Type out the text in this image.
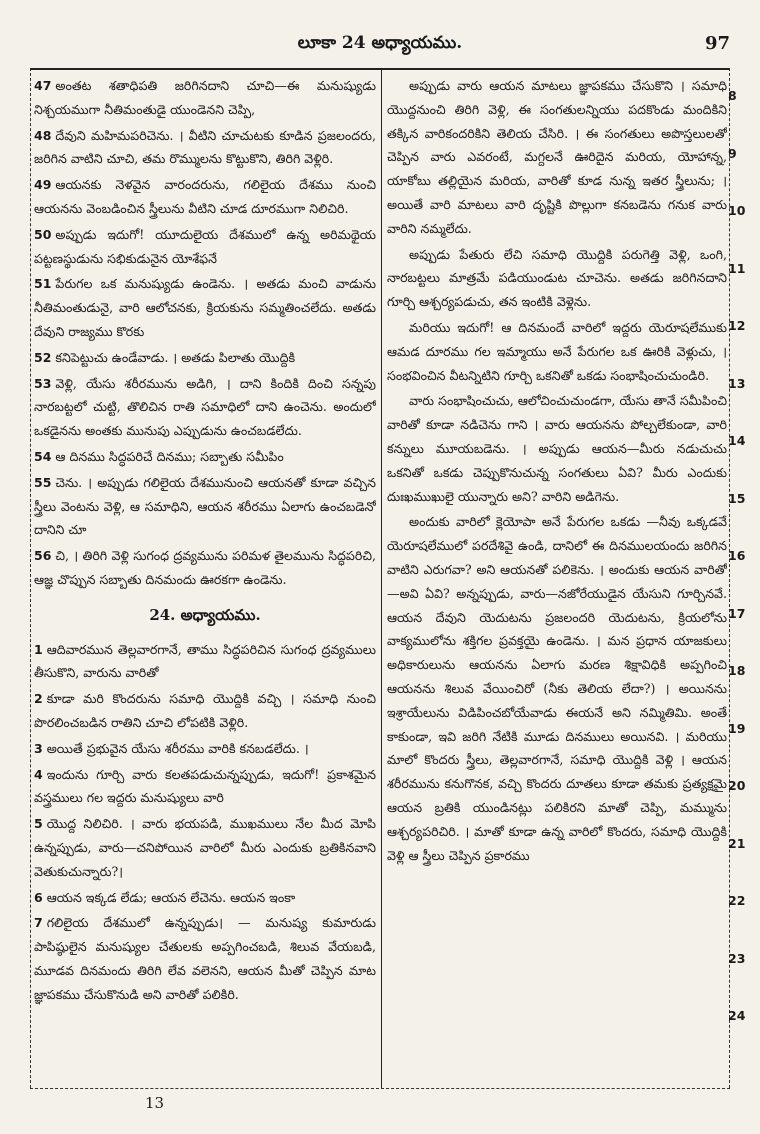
లూకా 24 అధ్యాయము.	97
47 అంతట శతాధిపతి జరిగినదాని చూచి—ఈ మనుష్యుడు నిశ్చయముగా నీతిమంతుడై యుండెనని చెప్పి,
48 దేవుని మహిమపరిచెను. । వీటిని చూచుటకు కూడిన ప్రజలందరు, జరిగిన వాటిని చూచి, తమ రొమ్ములను కొట్టుకొని, తిరిగి వెళ్లిరి.
49 ఆయనకు నెళవైన వారందరును, గలిలైయ దేశము నుంచి ఆయనను వెంబడించిన స్త్రీలును వీటిని చూడ దూరముగా నిలిచిరి.
50 అప్పుడు ఇదుగో! యూదులైయ దేశములో ఉన్న అరిమథైయ పట్టణస్థుడును సభికుడునైన యోశేఫనే
51 పేరుగల ఒక మనుష్యుడు ఉండెను. । అతడు మంచి వాడును నీతిమంతుడునై, వారి ఆలోచనకు, క్రియకును సమ్మతించలేదు. అతడు దేవుని రాజ్యము కొరకు
52 కనిపెట్టుచు ఉండేవాడు. । అతడు పిలాతు యొద్దికి
53 వెళ్లి, యేసు శరీరమును అడిగి, । దాని కిందికి దించి సన్నపు నారబట్టలో చుట్టి, తొలిచిన రాతి సమాధిలో దాని ఉంచెను. అందులో ఒకడైనను అంతకు మునుపు ఎప్పుడును ఉంచబడలేదు.
54 ఆ దినము సిద్ధపరిచే దినము; సబ్బాతు సమీపిం
55 చెను. । అప్పుడు గలిలైయ దేశమునుంచి ఆయనతో కూడా వచ్చిన స్త్రీలు వెంటను వెళ్లి, ఆ సమాధిని, ఆయన శరీరము ఏలాగు ఉంచబడెనో దానిని చూ
56 చి, । తిరిగి వెళ్లి సుగంధ ద్రవ్యమును పరిమళ తైలమును సిద్ధపరిచి, ఆజ్ఞ చొప్పున సబ్బాతు దినమందు ఊరకగా ఉండెను.
24. అధ్యాయము.
1 ఆదివారమున తెల్లవారగానే, తాము సిద్ధపరిచిన సుగంధ ద్రవ్యములు తీసుకొని, వారును వారితో
2 కూడా మరి కొందరును సమాధి యొద్దికి వచ్చి । సమాధి నుంచి పొరలించబడిన రాతిని చూచి లోపటికి వెళ్లిరి.
3 అయితే ప్రభువైన యేసు శరీరము వారికి కనబడలేదు. ।
4 ఇందును గూర్చి వారు కలతపడుచున్నప్పుడు, ఇదుగో! ప్రకాశమైన వస్త్రములు గల ఇద్దరు మనుష్యులు వారి
5 యొద్ద నిలిచిరి. । వారు భయపడి, ముఖములు నేల మీద మోపి ఉన్నప్పుడు, వారు—చనిపోయిన వారిలో మీరు ఎందుకు బ్రతికినవాని వెతుకుచున్నారు?।
6 ఆయన ఇక్కడ లేడు; ఆయన లేచెను. ఆయన ఇంకా
7 గలిలైయ దేశములో ఉన్నప్పుడు। — మనుష్య కుమారుడు పాపిష్ఠులైన మనుష్యుల చేతులకు అప్పగించబడి, శిలువ వేయబడి, మూడవ దినమందు తిరిగి లేవ వలెనని, ఆయన మీతో చెప్పిన మాట జ్ఞాపకము చేసుకొనుడి అని వారితో పలికిరి.
అప్పుడు వారు ఆయన మాటలు జ్ఞాపకము చేసుకొని । సమాధి యొద్దనుంచి తిరిగి వెళ్లి, ఈ సంగతులన్నియు పదకొండు మందికిని తక్కిన వారికందరికిని తెలియ చేసిరి. । ఈ సంగతులు అపొస్తలులతో చెప్పిన వారు ఎవరంటే, మగ్దలనే ఊరిదైన మరియ, యోహాన్న, యాకోబు తల్లియైన మరియ, వారితో కూడ నున్న ఇతర స్త్రీలును; । అయితే వారి మాటలు వారి దృష్టికి పొల్లుగా కనబడెను గనుక వారు వారిని నమ్మలేదు.
అప్పుడు పేతురు లేచి సమాధి యొద్దికి పరుగెత్తి వెళ్లి, ఒంగి, నారబట్టలు మాత్రమే పడియుండుట చూచెను. అతడు జరిగినదాని గూర్చి ఆశ్చర్యపడుచు, తన ఇంటికి వెళ్లెను.
మరియు ఇదుగో! ఆ దినమందే వారిలో ఇద్దరు యెరూషలేముకు ఆమడ దూరము గల ఇమ్మాయు అనే పేరుగల ఒక ఊరికి వెళ్లుచు, । సంభవించిన వీటన్నిటిని గూర్చి ఒకనితో ఒకడు సంభాషించుచుండిరి.
వారు సంభాషించుచు, ఆలోచించుచుండగా, యేసు తానే సమీపించి వారితో కూడా నడిచెను గాని । వారు ఆయనను పోల్చలేకుండా, వారి కన్నులు మూయబడెను. । అప్పుడు ఆయన—మీరు నడుచుచు ఒకనితో ఒకడు చెప్పుకొనుచున్న సంగతులు ఏవి? మీరు ఎందుకు దుఃఖముఖులై యున్నారు అని? వారిని అడిగెను.
అందుకు వారిలో క్లెయోపా అనే పేరుగల ఒకడు —నీవు ఒక్కడవే యెరూషలేములో పరదేశివై ఉండి, దానిలో ఈ దినములయందు జరిగిన వాటిని ఎరుగవా? అని ఆయనతో పలికెను. । అందుకు ఆయన వారితో —అవి ఏవి? అన్నప్పుడు, వారు—నజోరేయుడైన యేసుని గూర్చినవే. ఆయన దేవుని యెదుటను ప్రజలందరి యెదుటను, క్రియలోను వాక్యములోను శక్తిగల ప్రవక్తయై ఉండెను. । మన ప్రధాన యాజకులు అధికారులును ఆయనను ఏలాగు మరణ శిక్షావిధికి అప్పగించి ఆయనను శిలువ వేయించిరో (నీకు తెలియ లేదా?) । అయినను ఇశ్రాయేలును విడిపించబోయేవాడు ఈయనే అని నమ్మితిమి. అంతే కాకుండా, ఇవి జరిగి నేటికి మూడు దినములు అయినవి. । మరియు మాలో కొందరు స్త్రీలు, తెల్లవారగానే, సమాధి యొద్దికి వెళ్లి । ఆయన శరీరమును కనుగొనక, వచ్చి కొందరు దూతలు కూడా తమకు ప్రత్యక్షమై ఆయన బ్రతికి యుండినట్లు పలికిరని మాతో చెప్పి, మమ్మును ఆశ్చర్యపరిచిరి. । మాతో కూడా ఉన్న వారిలో కొందరు, సమాధి యొద్దికి వెళ్లి ఆ స్త్రీలు చెప్పిన ప్రకారము
8
9
10
11
12
13
14
15
16
17
18
19
20
21
22
23
24
13
